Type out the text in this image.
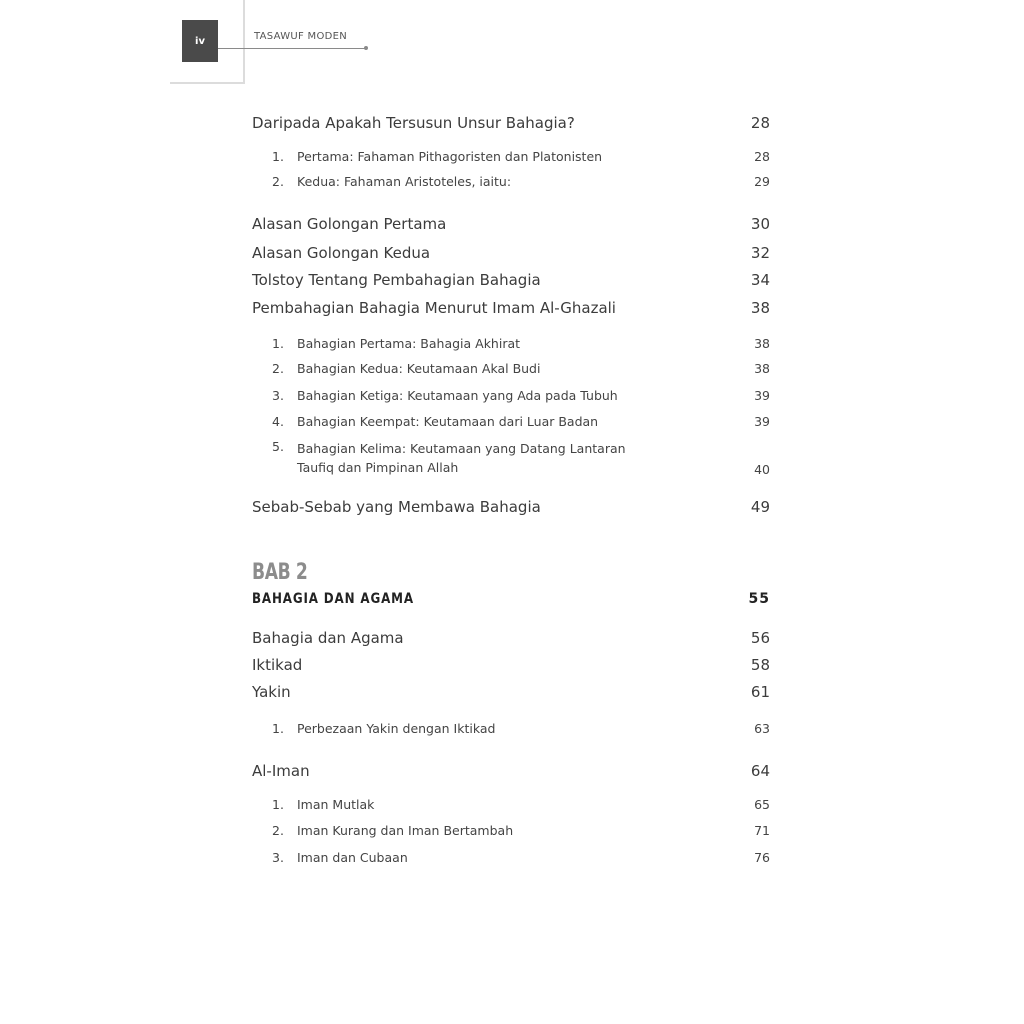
iv	TASAWUF MODEN
Daripada Apakah Tersusun Unsur Bahagia?	28
1.	Pertama: Fahaman Pithagoristen dan Platonisten	28
2.	Kedua: Fahaman Aristoteles, iaitu:	29
Alasan Golongan Pertama	30
Alasan Golongan Kedua	32
Tolstoy Tentang Pembahagian Bahagia	34
Pembahagian Bahagia Menurut Imam Al-Ghazali	38
1.	Bahagian Pertama: Bahagia Akhirat	38
2.	Bahagian Kedua: Keutamaan Akal Budi	38
3.	Bahagian Ketiga: Keutamaan yang Ada pada Tubuh	39
4.	Bahagian Keempat: Keutamaan dari Luar Badan	39
5.	Bahagian Kelima: Keutamaan yang Datang Lantaran
Taufiq dan Pimpinan Allah	40
Sebab-Sebab yang Membawa Bahagia	49
BAB 2
BAHAGIA DAN AGAMA	55
Bahagia dan Agama	56
Iktikad	58
Yakin	61
1.	Perbezaan Yakin dengan Iktikad	63
Al-Iman	64
1.	Iman Mutlak	65
2.	Iman Kurang dan Iman Bertambah	71
3.	Iman dan Cubaan	76
